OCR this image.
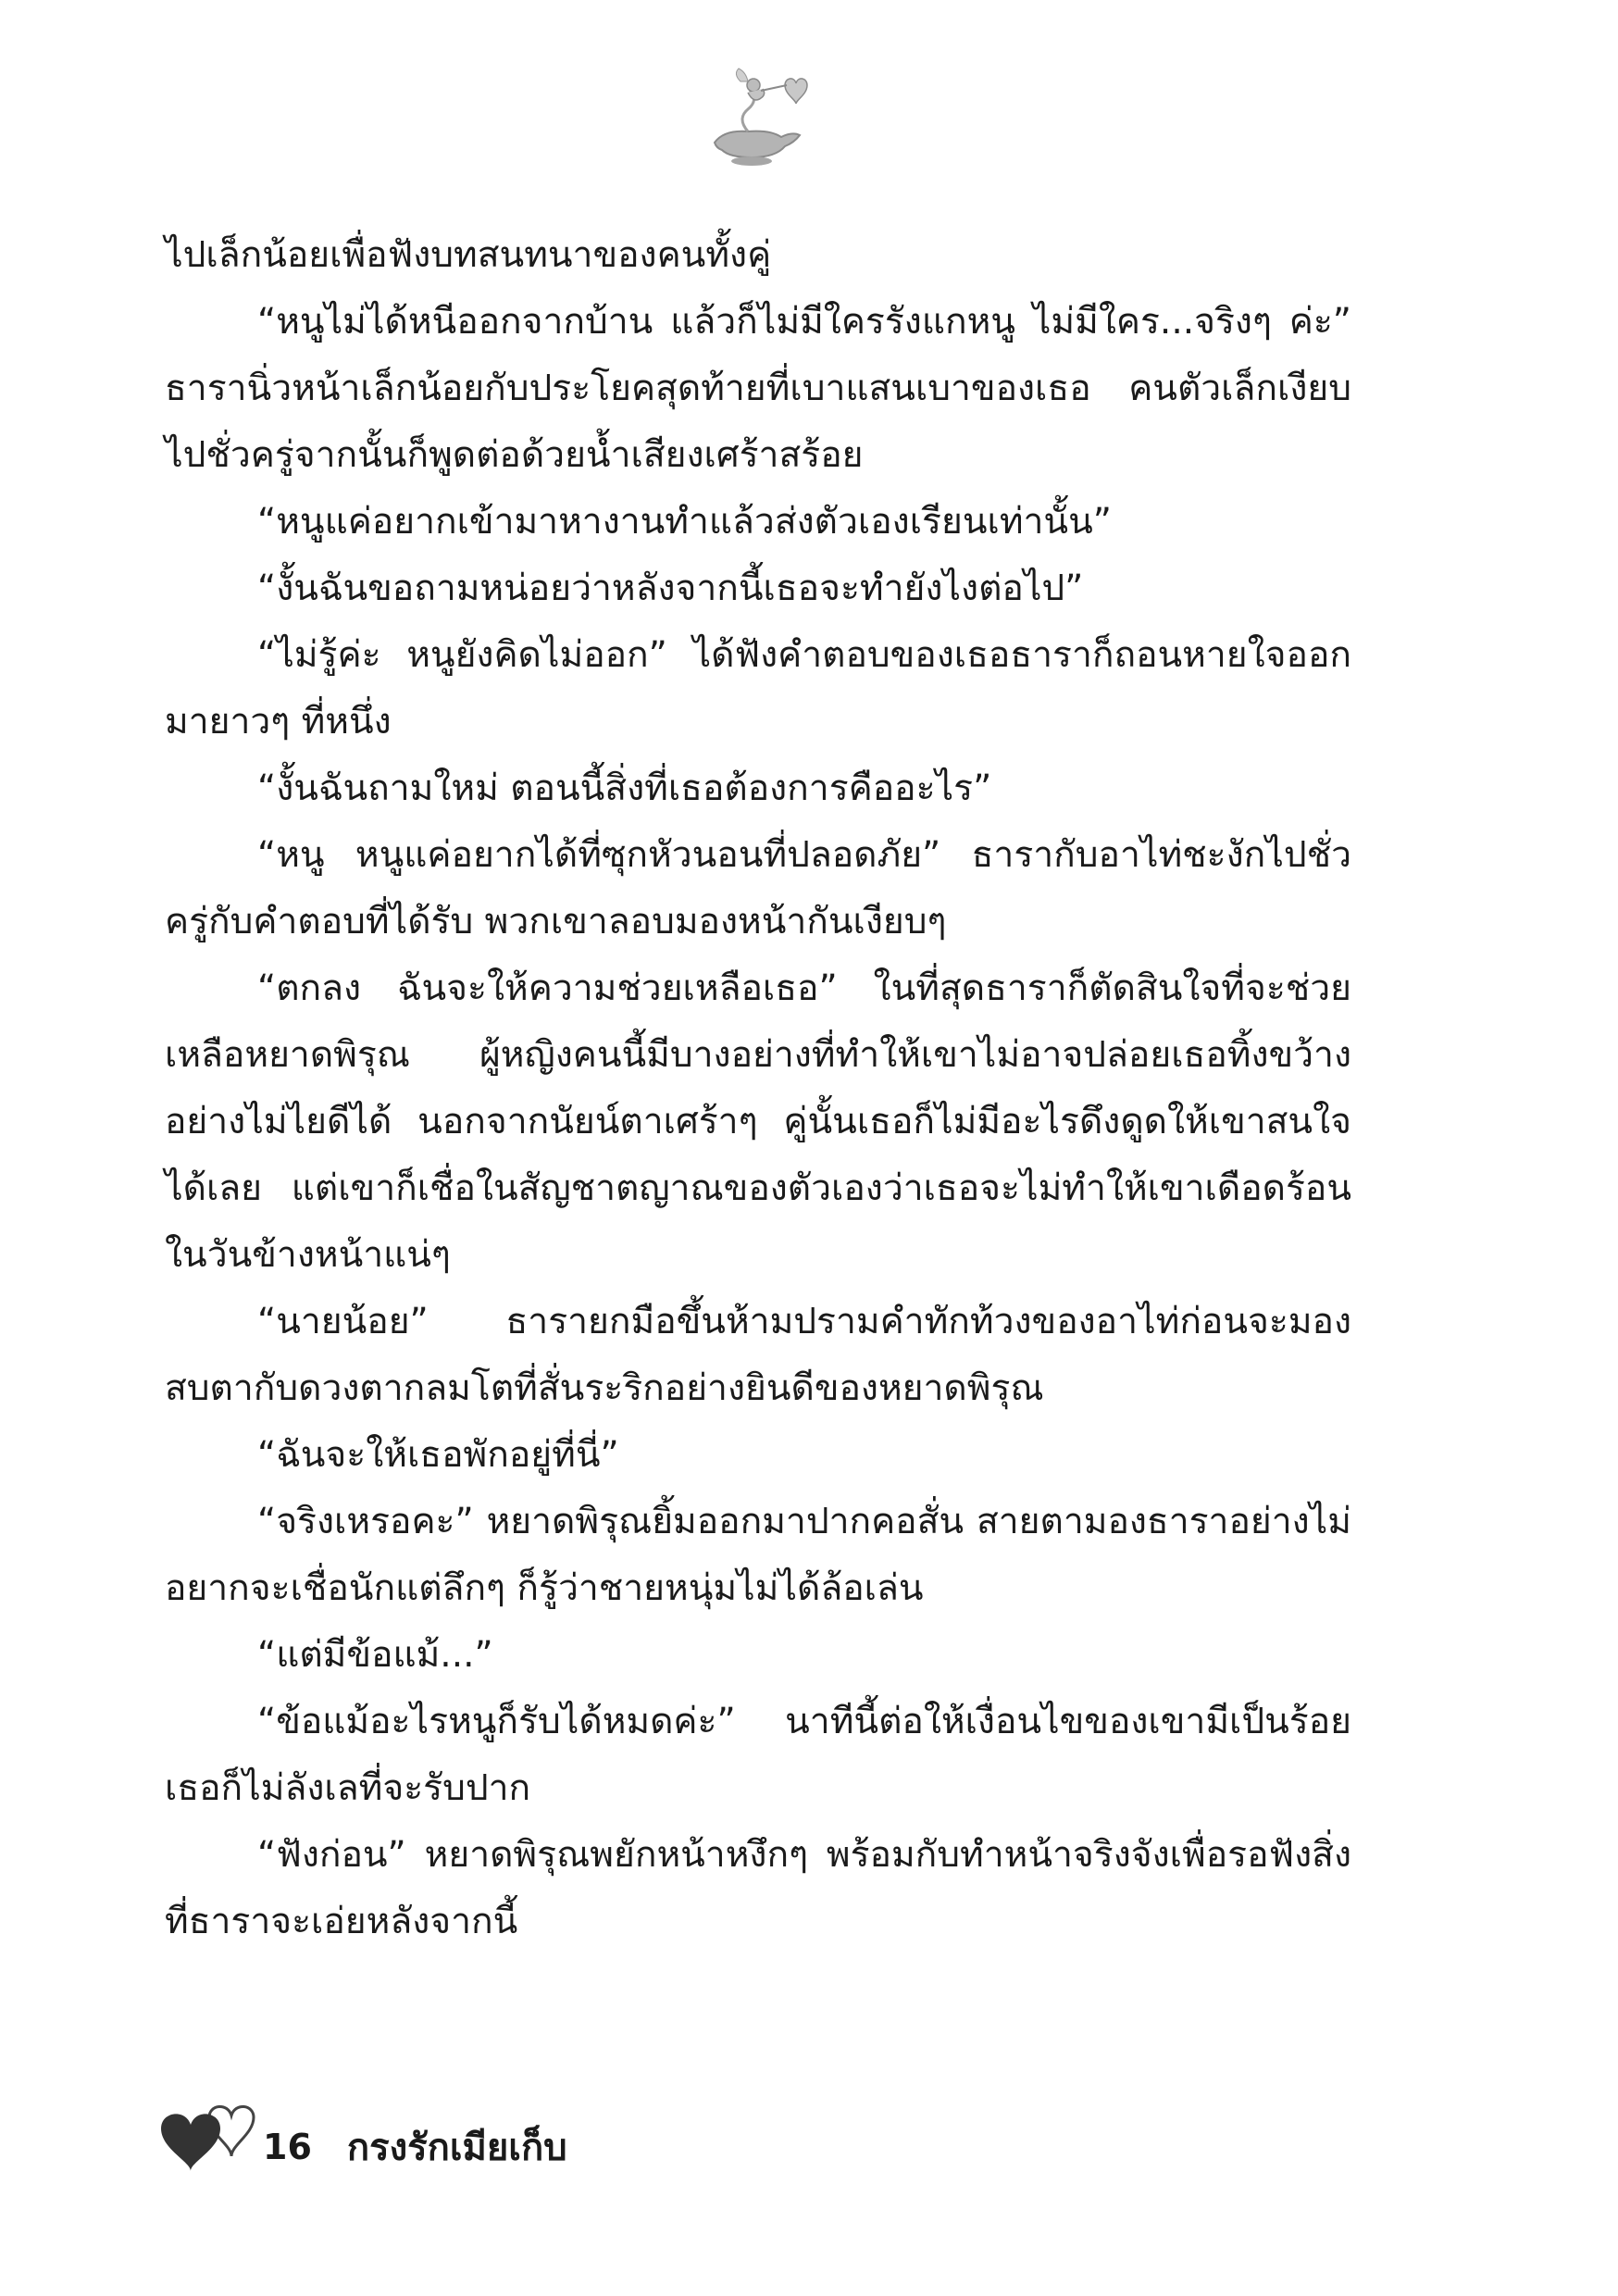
ไปเล็กน้อยเพื่อฟังบทสนทนาของคนทั้งคู่

“หนูไม่ได้หนีออกจากบ้าน แล้วก็ไม่มีใครรังแกหนู ไม่มีใคร...จริงๆ ค่ะ” ธารานิ่วหน้าเล็กน้อยกับประโยคสุดท้ายที่เบาแสนเบาของเธอ คนตัวเล็กเงียบไปชั่วครู่จากนั้นก็พูดต่อด้วยน้ำเสียงเศร้าสร้อย

“หนูแค่อยากเข้ามาหางานทำแล้วส่งตัวเองเรียนเท่านั้น”

“งั้นฉันขอถามหน่อยว่าหลังจากนี้เธอจะทำยังไงต่อไป”

“ไม่รู้ค่ะ หนูยังคิดไม่ออก” ได้ฟังคำตอบของเธอธาราก็ถอนหายใจออกมายาวๆ ที่หนึ่ง

“งั้นฉันถามใหม่ ตอนนี้สิ่งที่เธอต้องการคืออะไร”

“หนู หนูแค่อยากได้ที่ซุกหัวนอนที่ปลอดภัย” ธารากับอาไท่ชะงักไปชั่วครู่กับคำตอบที่ได้รับ พวกเขาลอบมองหน้ากันเงียบๆ

“ตกลง ฉันจะให้ความช่วยเหลือเธอ” ในที่สุดธาราก็ตัดสินใจที่จะช่วยเหลือหยาดพิรุณ ผู้หญิงคนนี้มีบางอย่างที่ทำให้เขาไม่อาจปล่อยเธอทิ้งขว้างอย่างไม่ไยดีได้ นอกจากนัยน์ตาเศร้าๆ คู่นั้นเธอก็ไม่มีอะไรดึงดูดให้เขาสนใจได้เลย แต่เขาก็เชื่อในสัญชาตญาณของตัวเองว่าเธอจะไม่ทำให้เขาเดือดร้อนในวันข้างหน้าแน่ๆ

“นายน้อย” ธารายกมือขึ้นห้ามปรามคำทักท้วงของอาไท่ก่อนจะมองสบตากับดวงตากลมโตที่สั่นระริกอย่างยินดีของหยาดพิรุณ

“ฉันจะให้เธอพักอยู่ที่นี่”

“จริงเหรอคะ” หยาดพิรุณยิ้มออกมาปากคอสั่น สายตามองธาราอย่างไม่อยากจะเชื่อนักแต่ลึกๆ ก็รู้ว่าชายหนุ่มไม่ได้ล้อเล่น

“แต่มีข้อแม้...”

“ข้อแม้อะไรหนูก็รับได้หมดค่ะ” นาทีนี้ต่อให้เงื่อนไขของเขามีเป็นร้อยเธอก็ไม่ลังเลที่จะรับปาก

“ฟังก่อน” หยาดพิรุณพยักหน้าหงึกๆ พร้อมกับทำหน้าจริงจังเพื่อรอฟังสิ่งที่ธาราจะเอ่ยหลังจากนี้

16 กรงรักเมียเก็บ
